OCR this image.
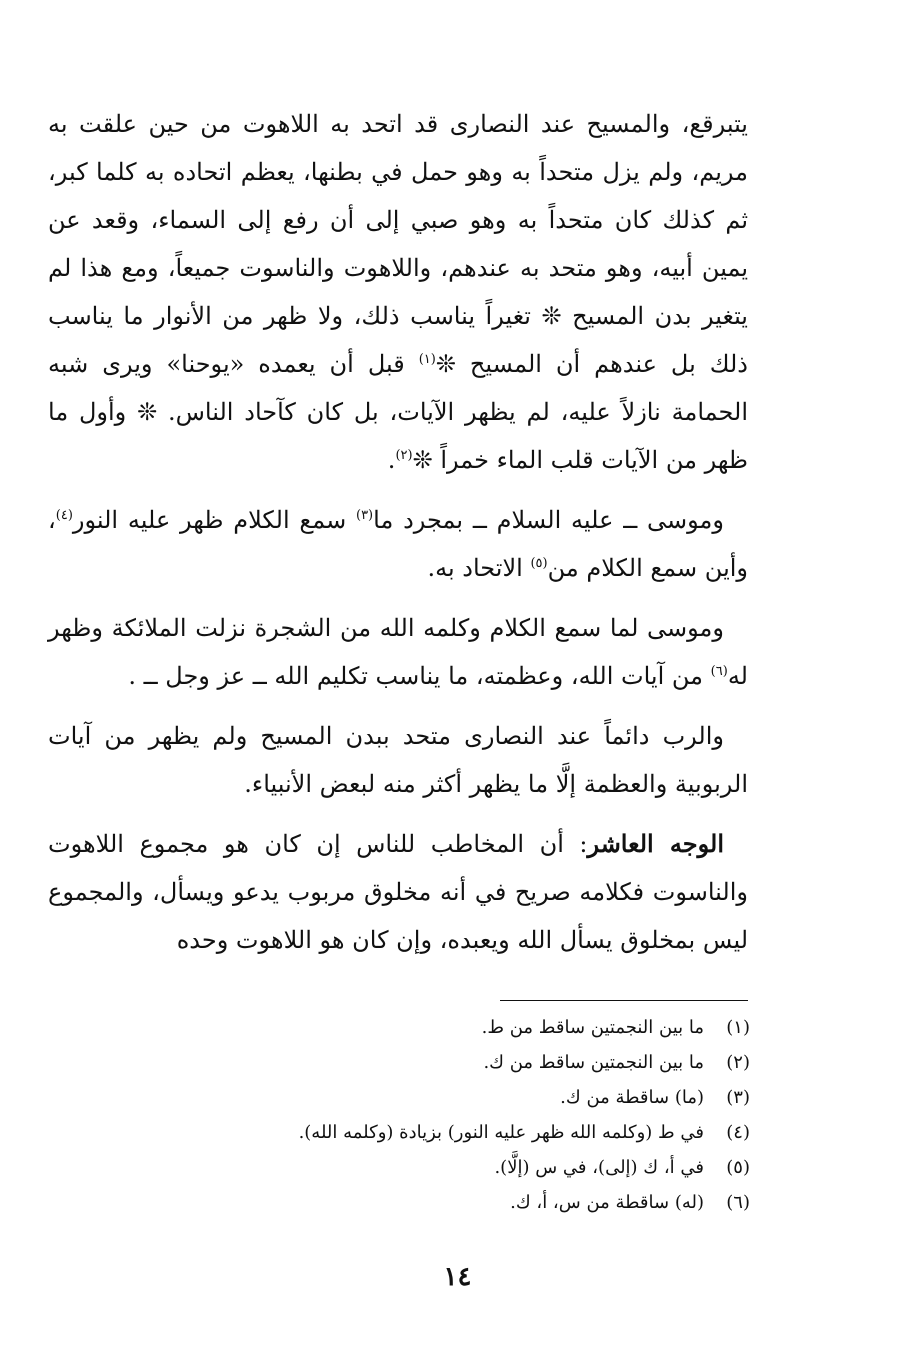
يتبرقع، والمسيح عند النصارى قد اتحد به اللاهوت من حين علقت به مريم، ولم يزل متحداً به وهو حمل في بطنها، يعظم اتحاده به كلما كبر، ثم كذلك كان متحداً به وهو صبي إلى أن رفع إلى السماء، وقعد عن يمين أبيه، وهو متحد به عندهم، واللاهوت والناسوت جميعاً، ومع هذا لم يتغير بدن المسيح ❊ تغيراً يناسب ذلك، ولا ظهر من الأنوار ما يناسب ذلك بل عندهم أن المسيح ❊$^{(١)}$ قبل أن يعمده «يوحنا» ويرى شبه الحمامة نازلاً عليه، لم يظهر الآيات، بل كان كآحاد الناس. ❊ وأول ما ظهر من الآيات قلب الماء خمراً ❊$^{(٢)}$.

وموسى ــ عليه السلام ــ بمجرد ما$^{(٣)}$ سمع الكلام ظهر عليه النور$^{(٤)}$، وأين سمع الكلام من$^{(٥)}$ الاتحاد به.

وموسى لما سمع الكلام وكلمه الله من الشجرة نزلت الملائكة وظهر له$^{(٦)}$ من آيات الله، وعظمته، ما يناسب تكليم الله ــ عز وجل ــ .

والرب دائماً عند النصارى متحد ببدن المسيح ولم يظهر من آيات الربوبية والعظمة إلَّا ما يظهر أكثر منه لبعض الأنبياء.

الوجه العاشر: أن المخاطب للناس إن كان هو مجموع اللاهوت والناسوت فكلامه صريح في أنه مخلوق مربوب يدعو ويسأل، والمجموع ليس بمخلوق يسأل الله ويعبده، وإن كان هو اللاهوت وحده

(١)ما بين النجمتين ساقط من ط.
(٢)ما بين النجمتين ساقط من ك.
(٣)(ما) ساقطة من ك.
(٤)في ط (وكلمه الله ظهر عليه النور) بزيادة (وكلمه الله).
(٥)في أ، ك (إلى)، في س (إلَّا).
(٦)(له) ساقطة من س، أ، ك.
١٤
